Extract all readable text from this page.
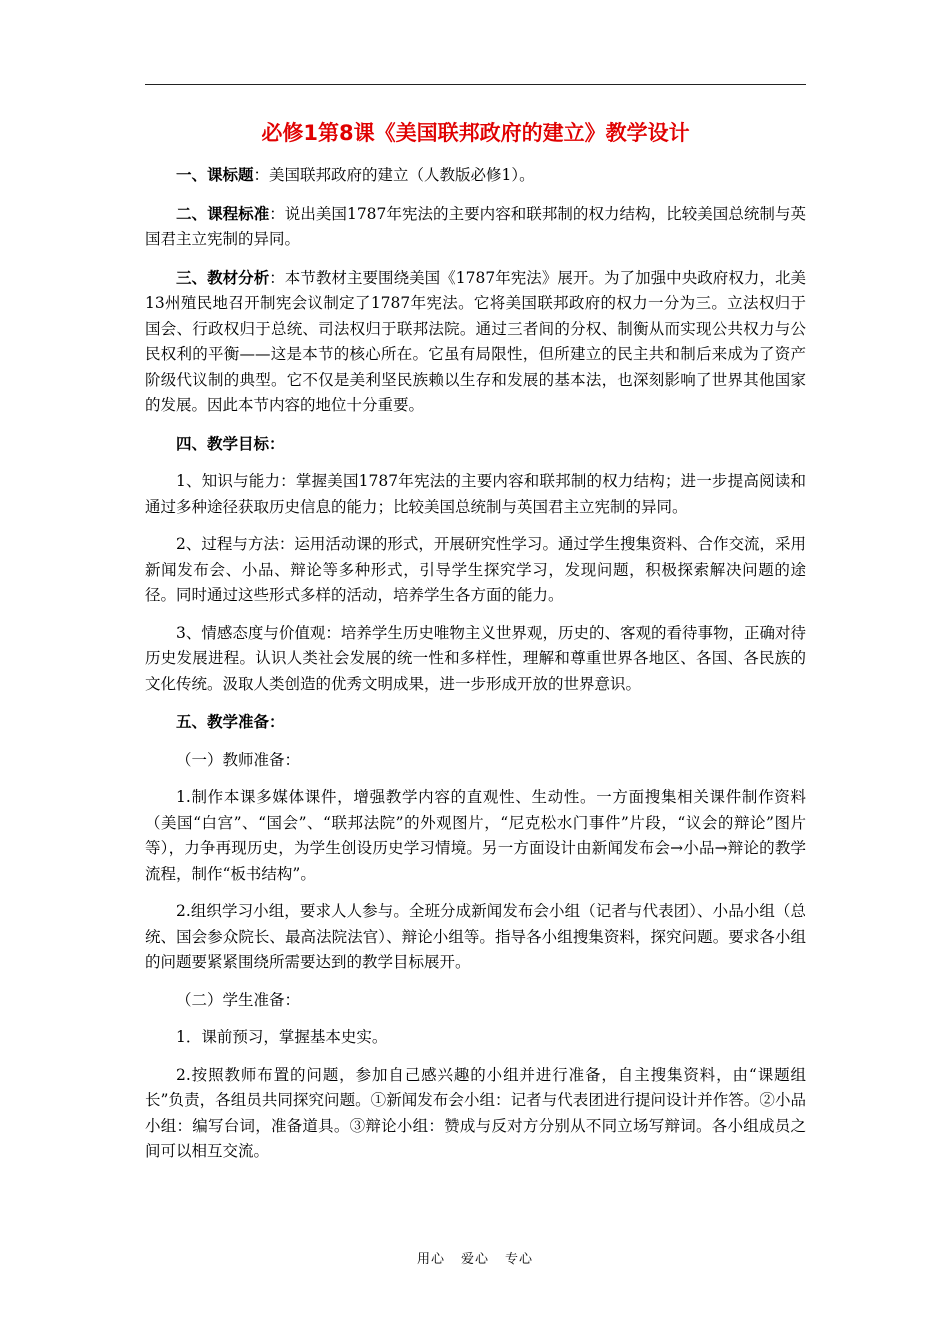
必修1第8课《美国联邦政府的建立》教学设计

一、课标题：美国联邦政府的建立（人教版必修1）。

二、课程标准：说出美国1787年宪法的主要内容和联邦制的权力结构，比较美国总统制与英国君主立宪制的异同。

三、教材分析：本节教材主要围绕美国《1787年宪法》展开。为了加强中央政府权力，北美13州殖民地召开制宪会议制定了1787年宪法。它将美国联邦政府的权力一分为三。立法权归于国会、行政权归于总统、司法权归于联邦法院。通过三者间的分权、制衡从而实现公共权力与公民权利的平衡——这是本节的核心所在。它虽有局限性，但所建立的民主共和制后来成为了资产阶级代议制的典型。它不仅是美利坚民族赖以生存和发展的基本法，也深刻影响了世界其他国家的发展。因此本节内容的地位十分重要。

四、教学目标：

1、知识与能力：掌握美国1787年宪法的主要内容和联邦制的权力结构；进一步提高阅读和通过多种途径获取历史信息的能力；比较美国总统制与英国君主立宪制的异同。

2、过程与方法：运用活动课的形式，开展研究性学习。通过学生搜集资料、合作交流，采用新闻发布会、小品、辩论等多种形式，引导学生探究学习，发现问题，积极探索解决问题的途径。同时通过这些形式多样的活动，培养学生各方面的能力。

3、情感态度与价值观：培养学生历史唯物主义世界观，历史的、客观的看待事物，正确对待历史发展进程。认识人类社会发展的统一性和多样性，理解和尊重世界各地区、各国、各民族的文化传统。汲取人类创造的优秀文明成果，进一步形成开放的世界意识。

五、教学准备：

（一）教师准备：

1.制作本课多媒体课件，增强教学内容的直观性、生动性。一方面搜集相关课件制作资料（美国“白宫”、“国会”、“联邦法院”的外观图片，“尼克松水门事件”片段，“议会的辩论”图片等），力争再现历史，为学生创设历史学习情境。另一方面设计由新闻发布会→小品→辩论的教学流程，制作“板书结构”。

2.组织学习小组，要求人人参与。全班分成新闻发布会小组（记者与代表团）、小品小组（总统、国会参众院长、最高法院法官）、辩论小组等。指导各小组搜集资料，探究问题。要求各小组的问题要紧紧围绕所需要达到的教学目标展开。

（二）学生准备：

1．课前预习，掌握基本史实。

2.按照教师布置的问题，参加自己感兴趣的小组并进行准备，自主搜集资料，由“课题组长”负责，各组员共同探究问题。①新闻发布会小组：记者与代表团进行提问设计并作答。②小品小组：编写台词，准备道具。③辩论小组：赞成与反对方分别从不同立场写辩词。各小组成员之间可以相互交流。

用心 爱心 专心
